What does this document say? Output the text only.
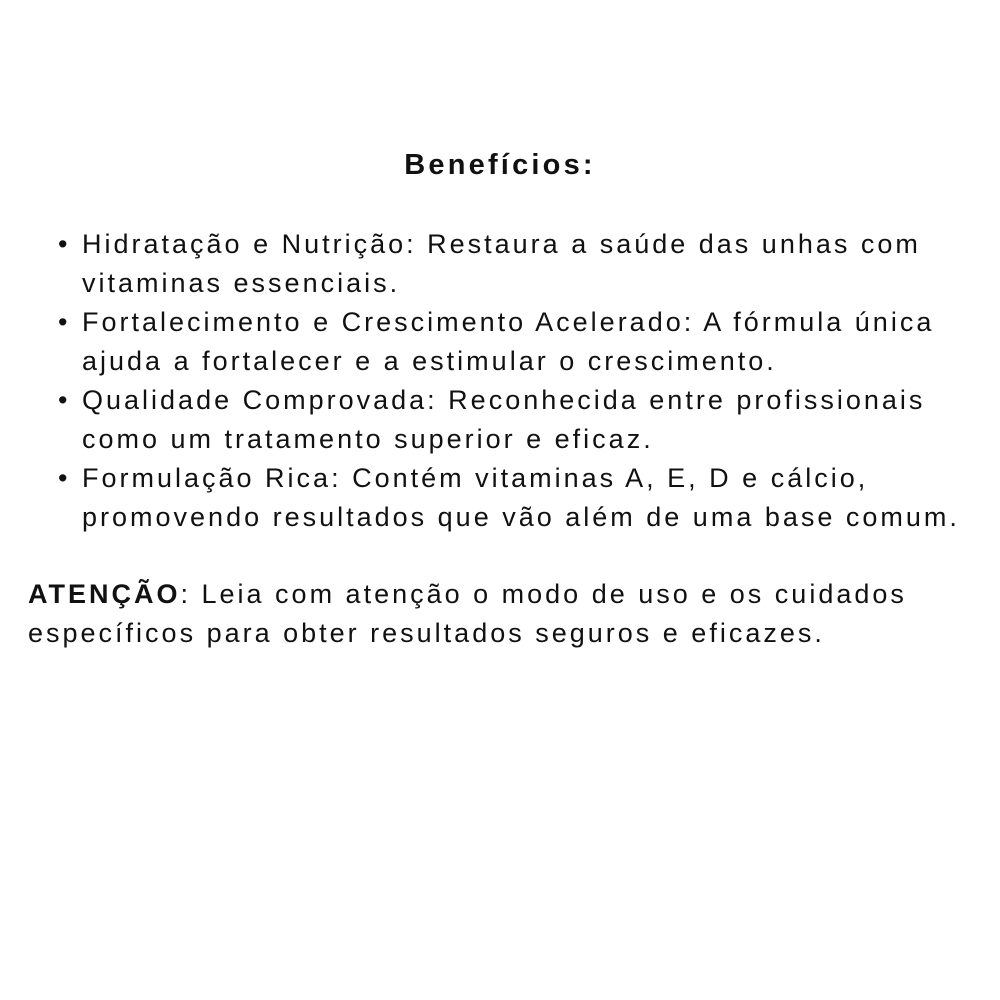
Benefícios:
• Hidratação e Nutrição: Restaura a saúde das unhas com vitaminas essenciais.
• Fortalecimento e Crescimento Acelerado: A fórmula única ajuda a fortalecer e a estimular o crescimento.
• Qualidade Comprovada: Reconhecida entre profissionais como um tratamento superior e eficaz.
• Formulação Rica: Contém vitaminas A, E, D e cálcio, promovendo resultados que vão além de uma base comum.

ATENÇÃO: Leia com atenção o modo de uso e os cuidados específicos para obter resultados seguros e eficazes.
